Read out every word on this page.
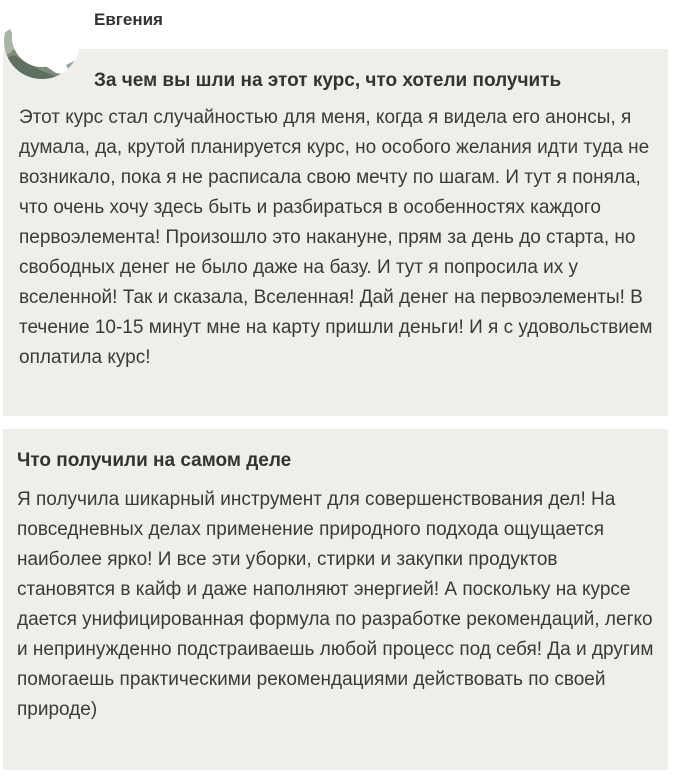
Евгения
За чем вы шли на этот курс, что хотели получить

Этот курс стал случайностью для меня, когда я видела его анонсы, я думала, да, крутой планируется курс, но особого желания идти туда не возникало, пока я не расписала свою мечту по шагам. И тут я поняла, что очень хочу здесь быть и разбираться в особенностях каждого первоэлемента! Произошло это накануне, прям за день до старта, но свободных денег не было даже на базу. И тут я попросила их у вселенной! Так и сказала, Вселенная! Дай денег на первоэлементы! В течение 10-15 минут мне на карту пришли деньги! И я с удовольствием оплатила курс!

Что получили на самом деле

Я получила шикарный инструмент для совершенствования дел! На повседневных делах применение природного подхода ощущается наиболее ярко! И все эти уборки, стирки и закупки продуктов становятся в кайф и даже наполняют энергией! А поскольку на курсе дается унифицированная формула по разработке рекомендаций, легко и непринужденно подстраиваешь любой процесс под себя! Да и другим помогаешь практическими рекомендациями действовать по своей природе)
